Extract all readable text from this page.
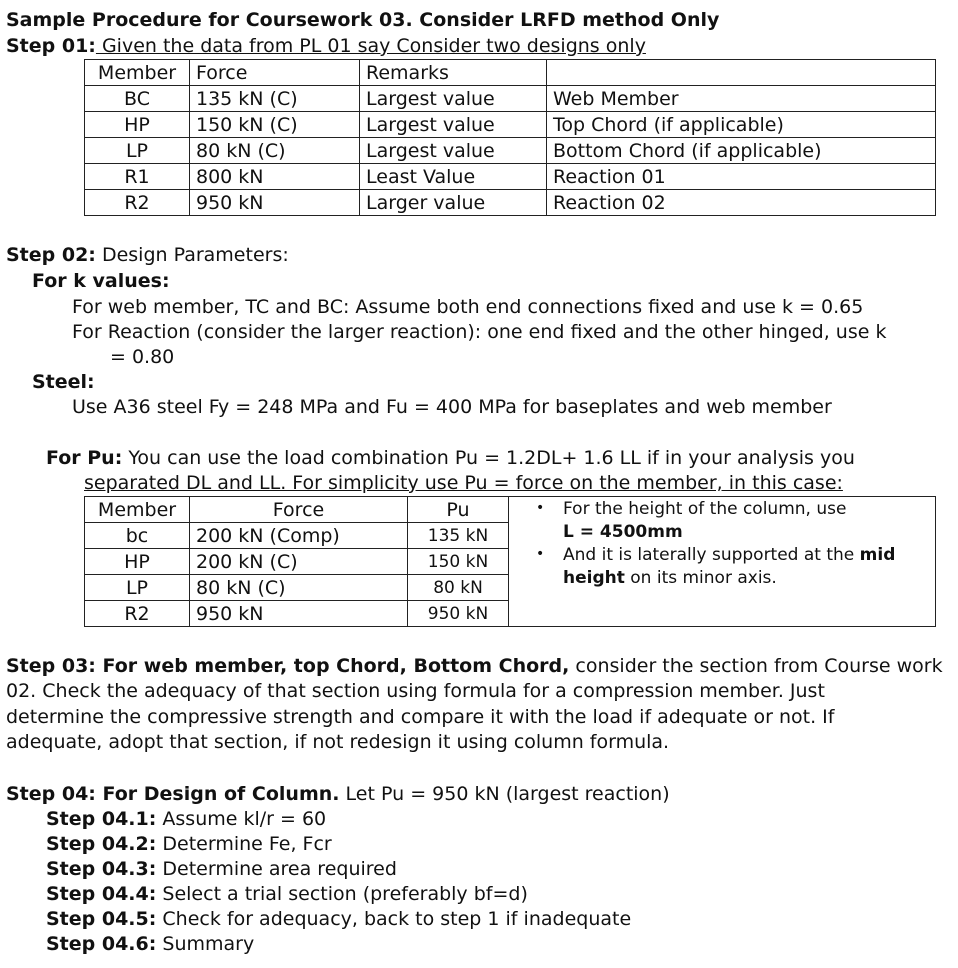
Sample Procedure for Coursework 03. Consider LRFD method Only
Step 01: Given the data from PL 01 say Consider two designs only
Member	Force	Remarks	
BC	135 kN (C)	Largest value	Web Member
HP	150 kN (C)	Largest value	Top Chord (if applicable)
LP	80 kN (C)	Largest value	Bottom Chord (if applicable)
R1	800 kN	Least Value	Reaction 01
R2	950 kN	Larger value	Reaction 02
Step 02: Design Parameters:
For k values:
For web member, TC and BC: Assume both end connections fixed and use k = 0.65
For Reaction (consider the larger reaction): one end fixed and the other hinged, use k
= 0.80
Steel:
Use A36 steel Fy = 248 MPa and Fu = 400 MPa for baseplates and web member
For Pu: You can use the load combination Pu = 1.2DL+ 1.6 LL if in your analysis you
separated DL and LL. For simplicity use Pu = force on the member, in this case:
Member	Force	Pu	
bc	200 kN (Comp)	135 kN	
HP	200 kN (C)	150 kN	
LP	80 kN (C)	80 kN	
R2	950 kN	950 kN	
• For the height of the column, use
L = 4500mm
• And it is laterally supported at the mid
height on its minor axis.
Step 03: For web member, top Chord, Bottom Chord, consider the section from Course work
02. Check the adequacy of that section using formula for a compression member. Just
determine the compressive strength and compare it with the load if adequate or not. If
adequate, adopt that section, if not redesign it using column formula.
Step 04: For Design of Column. Let Pu = 950 kN (largest reaction)
Step 04.1: Assume kl/r = 60
Step 04.2: Determine Fe, Fcr
Step 04.3: Determine area required
Step 04.4: Select a trial section (preferably bf=d)
Step 04.5: Check for adequacy, back to step 1 if inadequate
Step 04.6: Summary
